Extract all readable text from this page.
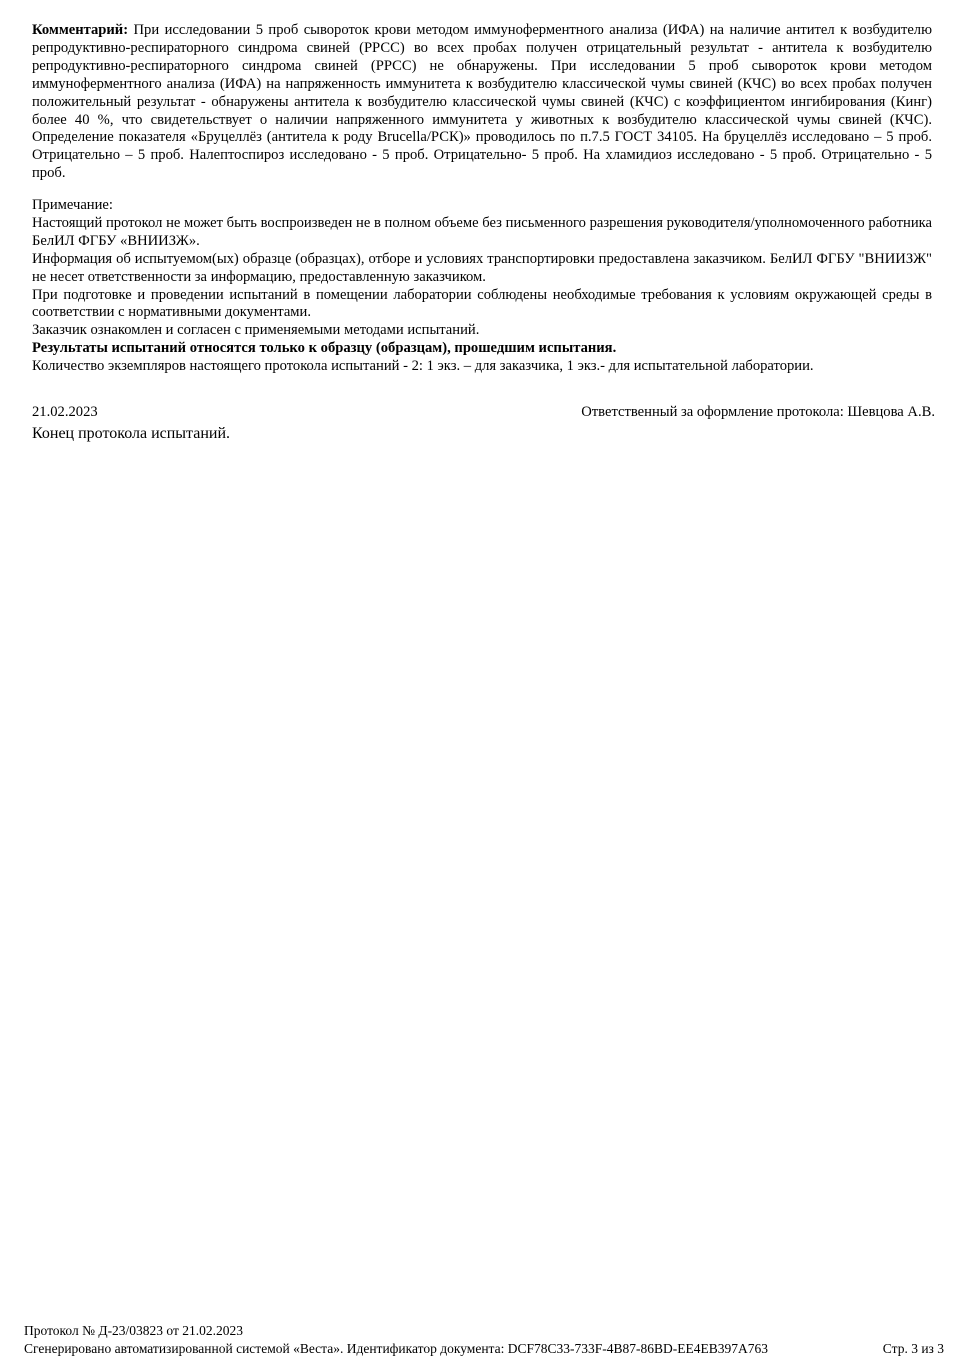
Комментарий: При исследовании 5 проб сывороток крови методом иммуноферментного анализа (ИФА) на наличие антител к возбудителю репродуктивно-респираторного синдрома свиней (РРСС) во всех пробах получен отрицательный результат - антитела к возбудителю репродуктивно-респираторного синдрома свиней (РРСС) не обнаружены. При исследовании 5 проб сывороток крови методом иммуноферментного анализа (ИФА) на напряженность иммунитета к возбудителю классической чумы свиней (КЧС) во всех пробах получен положительный результат - обнаружены антитела к возбудителю классической чумы свиней (КЧС) с коэффициентом ингибирования (Кинг) более 40 %, что свидетельствует о наличии напряженного иммунитета у животных к возбудителю классической чумы свиней (КЧС). Определение показателя «Бруцеллёз (антитела к роду Brucella/РСК)» проводилось по п.7.5 ГОСТ 34105. На бруцеллёз исследовано – 5 проб. Отрицательно – 5 проб. Налептоспироз исследовано - 5 проб. Отрицательно- 5 проб. На хламидиоз исследовано - 5 проб. Отрицательно - 5 проб.
Примечание:
Настоящий протокол не может быть воспроизведен не в полном объеме без письменного разрешения руководителя/уполномоченного работника БелИЛ ФГБУ «ВНИИЗЖ».
Информация об испытуемом(ых) образце (образцах), отборе и условиях транспортировки предоставлена заказчиком. БелИЛ ФГБУ "ВНИИЗЖ" не несет ответственности за информацию, предоставленную заказчиком.
При подготовке и проведении испытаний в помещении лаборатории соблюдены необходимые требования к условиям окружающей среды в соответствии с нормативными документами.
Заказчик ознакомлен и согласен с применяемыми методами испытаний.
Результаты испытаний относятся только к образцу (образцам), прошедшим испытания.
Количество экземпляров настоящего протокола испытаний - 2: 1 экз. – для заказчика, 1 экз.- для испытательной лаборатории.
21.02.2023	Ответственный за оформление протокола: Шевцова А.В.
Конец протокола испытаний.
Протокол № Д-23/03823 от 21.02.2023
Сгенерировано автоматизированной системой «Веста». Идентификатор документа: DCF78C33-733F-4B87-86BD-EE4EB397A763	Стр. 3 из 3
